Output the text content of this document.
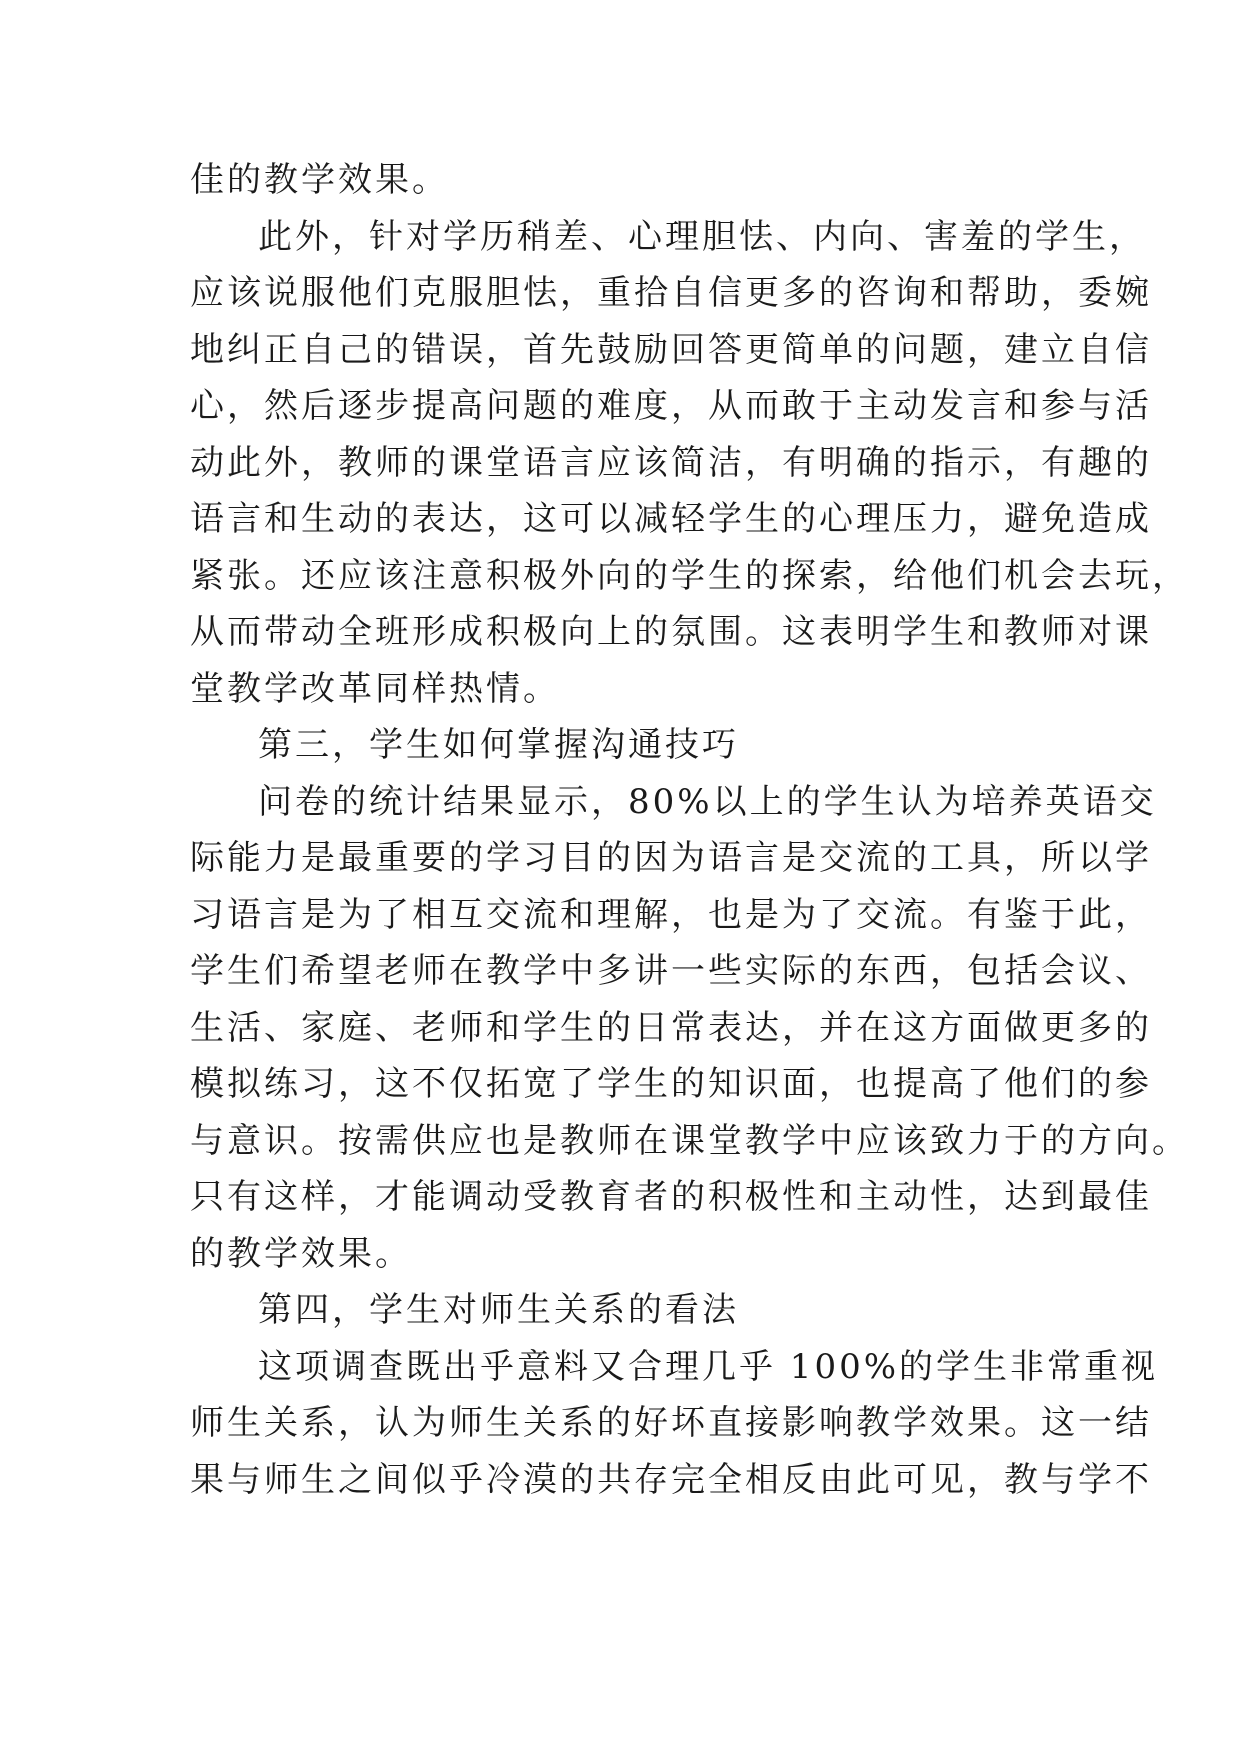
佳的教学效果。
此外，针对学历稍差、心理胆怯、内向、害羞的学生，
应该说服他们克服胆怯，重拾自信更多的咨询和帮助，委婉
地纠正自己的错误，首先鼓励回答更简单的问题，建立自信
心，然后逐步提高问题的难度，从而敢于主动发言和参与活
动此外，教师的课堂语言应该简洁，有明确的指示，有趣的
语言和生动的表达，这可以减轻学生的心理压力，避免造成
紧张。还应该注意积极外向的学生的探索，给他们机会去玩，
从而带动全班形成积极向上的氛围。这表明学生和教师对课
堂教学改革同样热情。
第三，学生如何掌握沟通技巧
问卷的统计结果显示，80%以上的学生认为培养英语交
际能力是最重要的学习目的因为语言是交流的工具，所以学
习语言是为了相互交流和理解，也是为了交流。有鉴于此，
学生们希望老师在教学中多讲一些实际的东西，包括会议、
生活、家庭、老师和学生的日常表达，并在这方面做更多的
模拟练习，这不仅拓宽了学生的知识面，也提高了他们的参
与意识。按需供应也是教师在课堂教学中应该致力于的方向。
只有这样，才能调动受教育者的积极性和主动性，达到最佳
的教学效果。
第四，学生对师生关系的看法
这项调查既出乎意料又合理几乎 100%的学生非常重视
师生关系，认为师生关系的好坏直接影响教学效果。这一结
果与师生之间似乎冷漠的共存完全相反由此可见，教与学不
